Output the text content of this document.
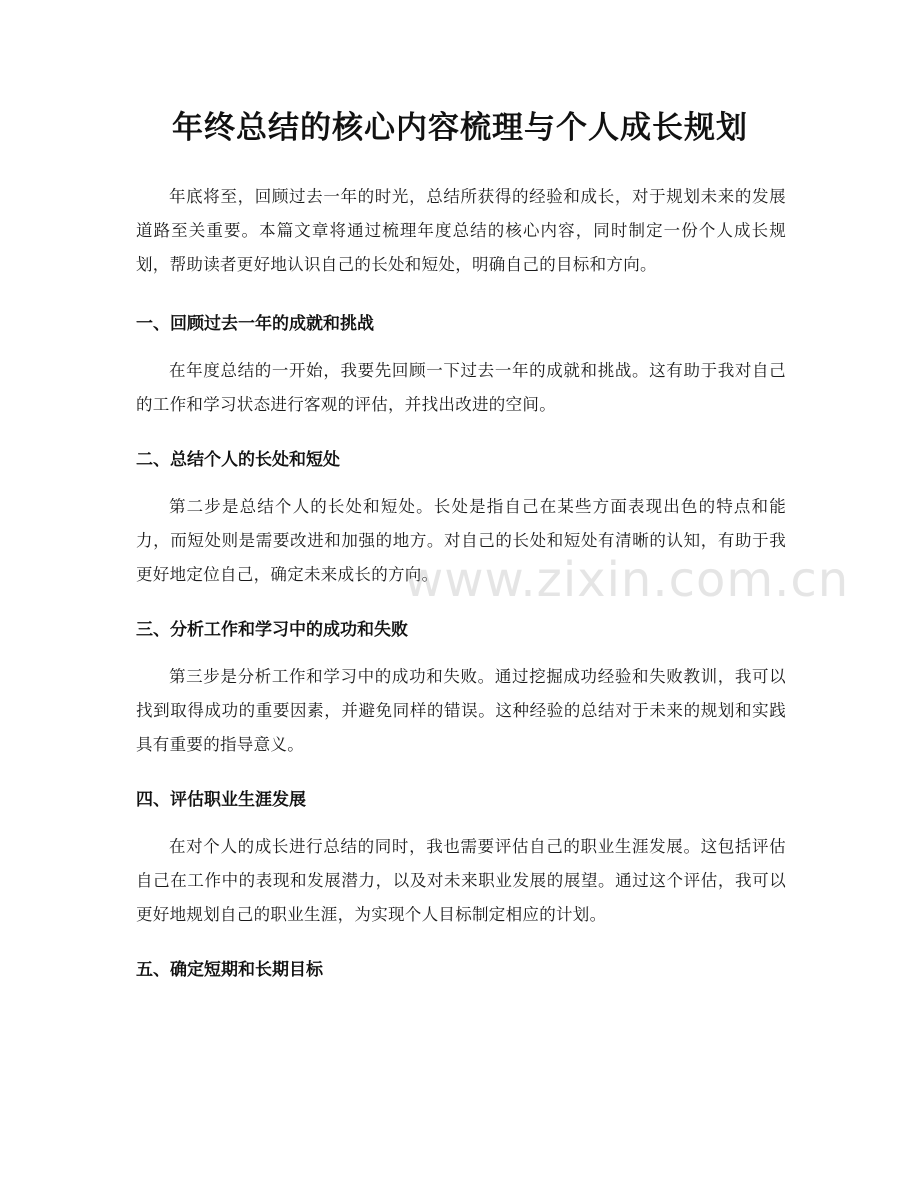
年终总结的核心内容梳理与个人成长规划

年底将至，回顾过去一年的时光，总结所获得的经验和成长，对于规划未来的发展道路至关重要。本篇文章将通过梳理年度总结的核心内容，同时制定一份个人成长规划，帮助读者更好地认识自己的长处和短处，明确自己的目标和方向。

一、回顾过去一年的成就和挑战

在年度总结的一开始，我要先回顾一下过去一年的成就和挑战。这有助于我对自己的工作和学习状态进行客观的评估，并找出改进的空间。

二、总结个人的长处和短处

第二步是总结个人的长处和短处。长处是指自己在某些方面表现出色的特点和能力，而短处则是需要改进和加强的地方。对自己的长处和短处有清晰的认知，有助于我更好地定位自己，确定未来成长的方向。

三、分析工作和学习中的成功和失败

第三步是分析工作和学习中的成功和失败。通过挖掘成功经验和失败教训，我可以找到取得成功的重要因素，并避免同样的错误。这种经验的总结对于未来的规划和实践具有重要的指导意义。

四、评估职业生涯发展

在对个人的成长进行总结的同时，我也需要评估自己的职业生涯发展。这包括评估自己在工作中的表现和发展潜力，以及对未来职业发展的展望。通过这个评估，我可以更好地规划自己的职业生涯，为实现个人目标制定相应的计划。

五、确定短期和长期目标
www.zixin.com.cn
